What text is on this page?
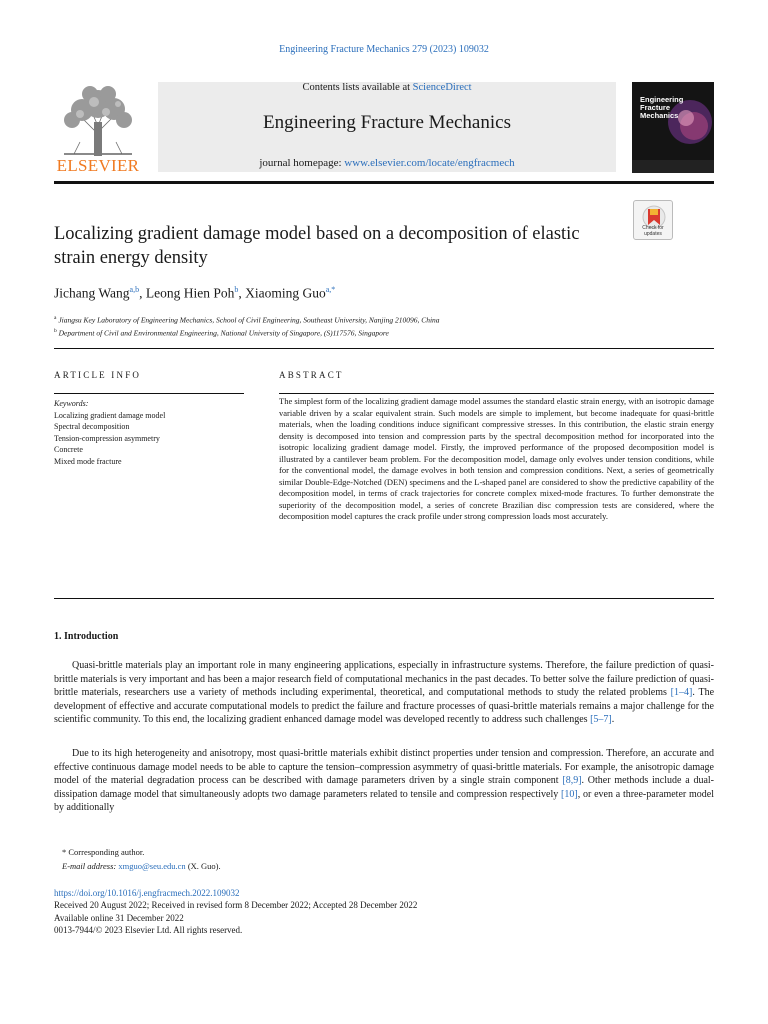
Engineering Fracture Mechanics 279 (2023) 109032
ELSEVIER
Contents lists available at ScienceDirect
Engineering Fracture Mechanics
journal homepage: www.elsevier.com/locate/engfracmech
Engineering Fracture Mechanics
Localizing gradient damage model based on a decomposition of elastic strain energy density
Check for updates
Jichang Wang$^{a,b}$, Leong Hien Poh$^b$, Xiaoming Guo$^{a,*}$
$^a$ Jiangsu Key Laboratory of Engineering Mechanics, School of Civil Engineering, Southeast University, Nanjing 210096, China
$^b$ Department of Civil and Environmental Engineering, National University of Singapore, (S)117576, Singapore
ARTICLE INFO	ABSTRACT
Keywords:
Localizing gradient damage model
Spectral decomposition
Tension-compression asymmetry
Concrete
Mixed mode fracture
The simplest form of the localizing gradient damage model assumes the standard elastic strain energy, with an isotropic damage variable driven by a scalar equivalent strain. Such models are simple to implement, but become inadequate for quasi-brittle materials, when the loading conditions induce significant compressive stresses. In this contribution, the elastic strain energy density is decomposed into tension and compression parts by the spectral decomposition method for incorporated into the isotropic localizing gradient damage model. Firstly, the improved performance of the proposed decomposition model is illustrated by a cantilever beam problem. For the decomposition model, damage only evolves under tension conditions, while for the conventional model, the damage evolves in both tension and compression conditions. Next, a series of geometrically similar Double-Edge-Notched (DEN) specimens and the L-shaped panel are considered to show the predictive capability of the decomposition model, in terms of crack trajectories for concrete complex mixed-mode fractures. To further demonstrate the superiority of the decomposition model, a series of concrete Brazilian disc compression tests are considered, where the decomposition model captures the crack profile under strong compression loads most accurately.
1. Introduction
Quasi-brittle materials play an important role in many engineering applications, especially in infrastructure systems. Therefore, the failure prediction of quasi-brittle materials is very important and has been a major research field of computational mechanics in the past decades. To better solve the failure prediction of quasi-brittle materials, researchers use a variety of methods including experimental, theoretical, and computational methods to study the related problems [1–4]. The development of effective and accurate computational models to predict the failure and fracture processes of quasi-brittle materials remains a major challenge for the scientific community. To this end, the localizing gradient enhanced damage model was developed recently to address such challenges [5–7].
Due to its high heterogeneity and anisotropy, most quasi-brittle materials exhibit distinct properties under tension and compression. Therefore, an accurate and effective continuous damage model needs to be able to capture the tension–compression asymmetry of quasi-brittle materials. For example, the anisotropic damage model of the material degradation process can be described with damage parameters driven by a single strain component [8,9]. Other methods include a dual-dissipation damage model that simultaneously adopts two damage parameters related to tensile and compression respectively [10], or even a three-parameter model by additionally
* Corresponding author.
E-mail address: xmguo@seu.edu.cn (X. Guo).
https://doi.org/10.1016/j.engfracmech.2022.109032
Received 20 August 2022; Received in revised form 8 December 2022; Accepted 28 December 2022
Available online 31 December 2022
0013-7944/© 2023 Elsevier Ltd. All rights reserved.
